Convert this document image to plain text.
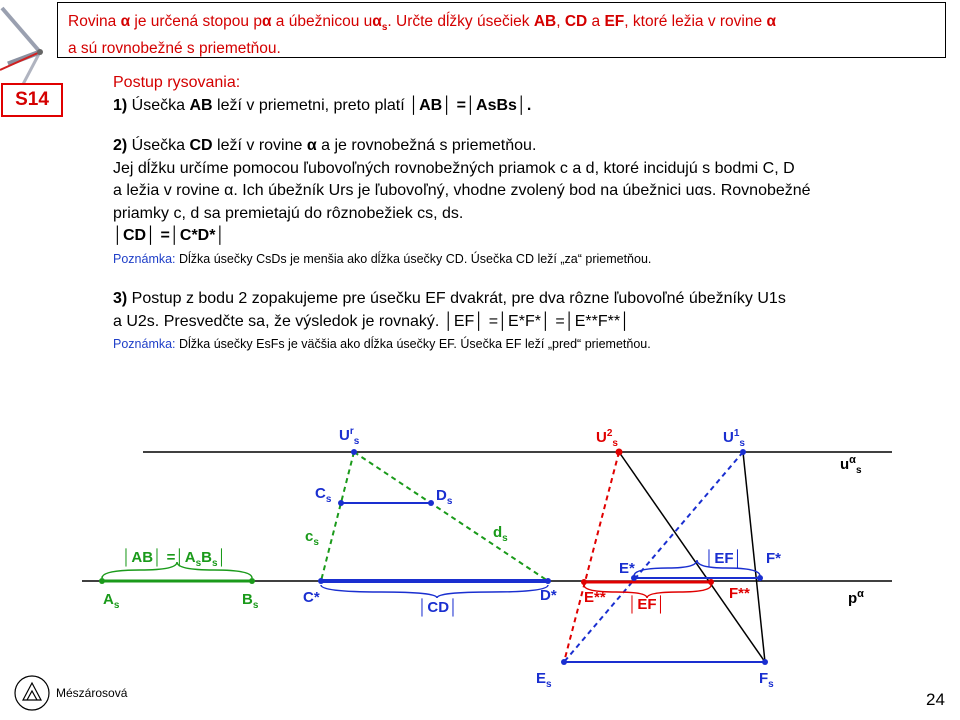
Rovina α je určená stopou pα a úbežnicou $u\alpha_s$. Určte dĺžky úsečiek AB, CD a EF, ktoré ležia v rovine α
a sú rovnobežné s priemetňou.
S14
Postup rysovania:
1) Úsečka AB leží v priemetni, preto platí │AB│ =│AsBs│.
2) Úsečka CD leží v rovine α a je rovnobežná s priemetňou.
Jej dĺžku určíme pomocou ľubovoľných rovnobežných priamok c a d, ktoré incidujú s bodmi C, D
a ležia v rovine α. Ich úbežník Urs je ľubovoľný, vhodne zvolený bod na úbežnici uαs. Rovnobežné
priamky c, d sa premietajú do rôznobežiek cs, ds.
│CD│ =│C*D*│
Poznámka: Dĺžka úsečky CsDs je menšia ako dĺžka úsečky CD. Úsečka CD leží „za“ priemetňou.
3) Postup z bodu 2 zopakujeme pre úsečku EF dvakrát, pre dva rôzne ľubovoľné úbežníky U1s
a U2s. Presvedčte sa, že výsledok je rovnaký. │EF│ =│E*F*│ =│E**F**│
Poznámka: Dĺžka úsečky EsFs je väčšia ako dĺžka úsečky EF. Úsečka EF leží „pred“ priemetňou.
$U^r_s$	$U^2_s$	$U^1_s$
$u^\alpha_s$
$C_s$	$D_s$
$c_s$
$d_s$
│AB│ $=│A_sB_s│$
$A_s$	$B_s$	C*	D*
│CD│
E*
F*
│EF│
E**	F**
│EF│	$p^\alpha$
$E_s$	$F_s$
Mészárosová	24
